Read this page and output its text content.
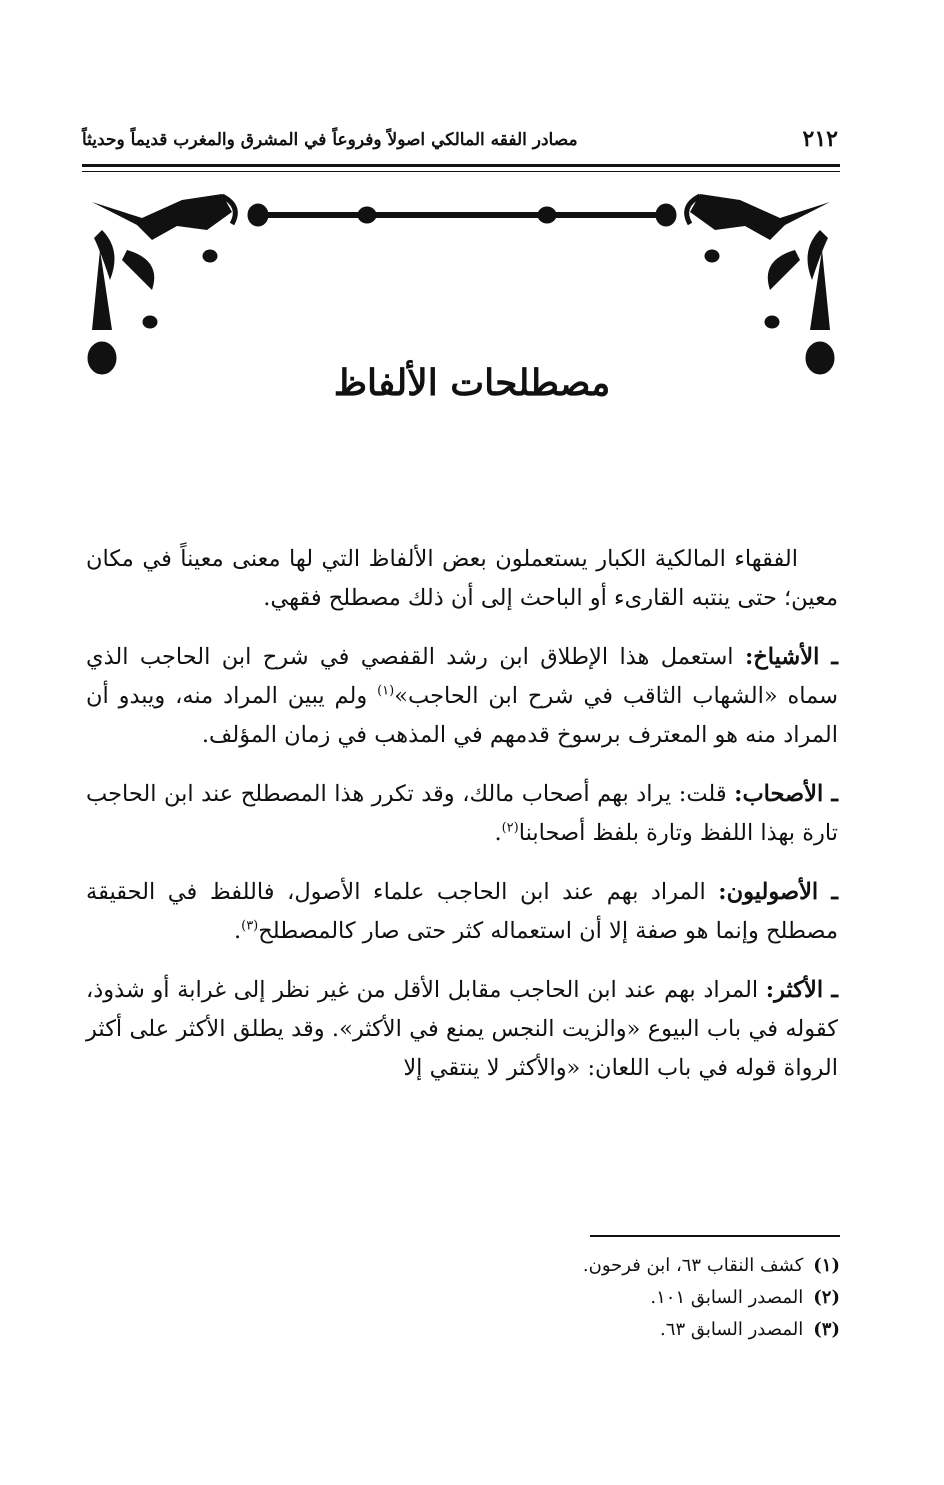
٢١٢
مصادر الفقه المالكي اصولاً وفروعاً في المشرق والمغرب قديماً وحديثاً
مصطلحات الألفاظ

الفقهاء المالكية الكبار يستعملون بعض الألفاظ التي لها معنى معيناً في مكان معين؛ حتى ينتبه القارىء أو الباحث إلى أن ذلك مصطلح فقهي.

ـ الأشياخ: استعمل هذا الإطلاق ابن رشد القفصي في شرح ابن الحاجب الذي سماه «الشهاب الثاقب في شرح ابن الحاجب»$^{(١)}$ ولم يبين المراد منه، ويبدو أن المراد منه هو المعترف برسوخ قدمهم في المذهب في زمان المؤلف.

ـ الأصحاب: قلت: يراد بهم أصحاب مالك، وقد تكرر هذا المصطلح عند ابن الحاجب تارة بهذا اللفظ وتارة بلفظ أصحابنا$^{(٢)}$.

ـ الأصوليون: المراد بهم عند ابن الحاجب علماء الأصول، فاللفظ في الحقيقة مصطلح وإنما هو صفة إلا أن استعماله كثر حتى صار كالمصطلح$^{(٣)}$.

ـ الأكثر: المراد بهم عند ابن الحاجب مقابل الأقل من غير نظر إلى غرابة أو شذوذ، كقوله في باب البيوع «والزيت النجس يمنع في الأكثر». وقد يطلق الأكثر على أكثر الرواة قوله في باب اللعان: «والأكثر لا ينتقي إلا

(١)كشف النقاب ٦٣، ابن فرحون.
(٢)المصدر السابق ١٠١.
(٣)المصدر السابق ٦٣.
